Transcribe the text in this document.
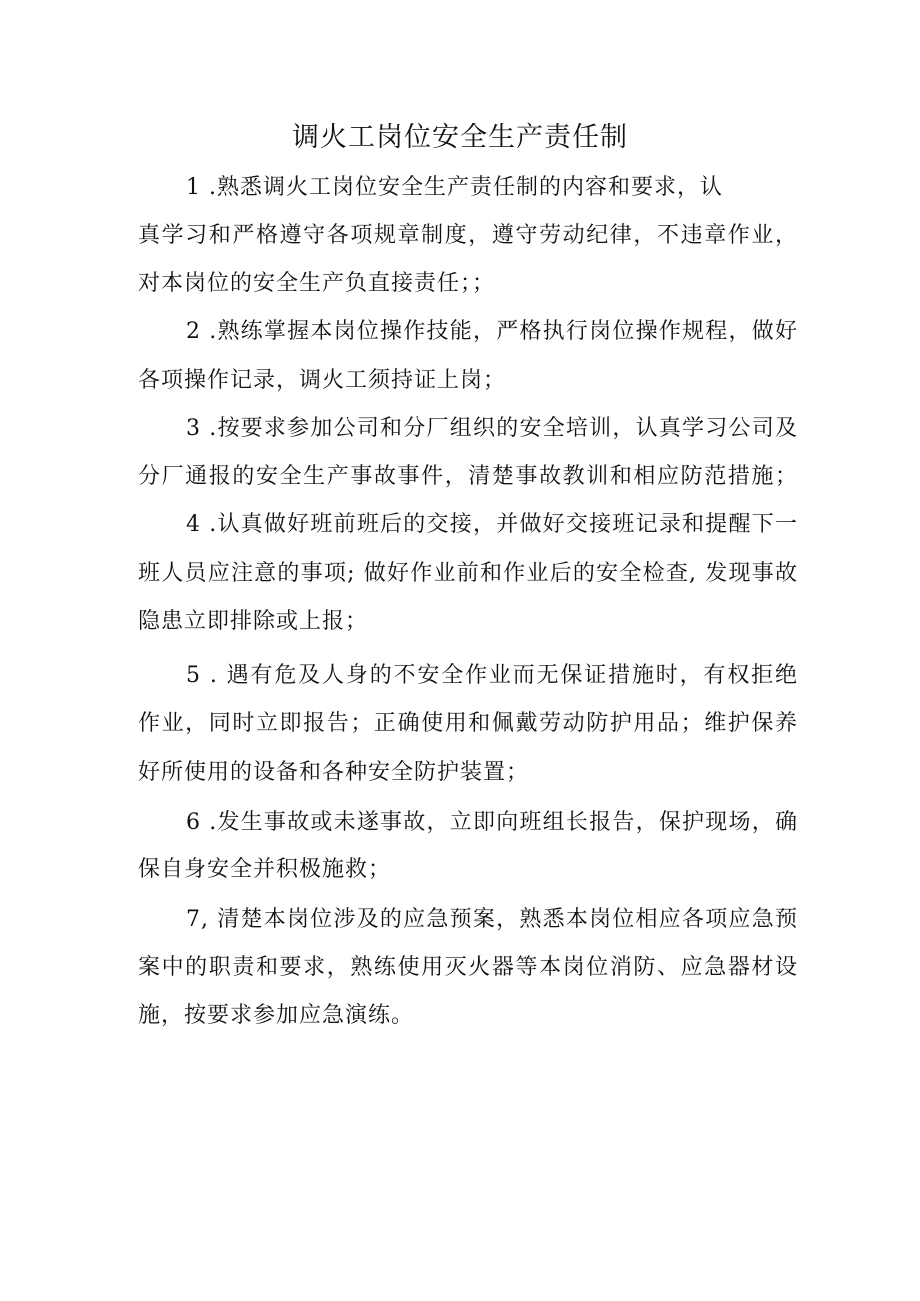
调火工岗位安全生产责任制
1 .熟悉调火工岗位安全生产责任制的内容和要求，认
真学习和严格遵守各项规章制度，遵守劳动纪律，不违章作业，
对本岗位的安全生产负直接责任；；
2 .熟练掌握本岗位操作技能，严格执行岗位操作规程，做好
各项操作记录，调火工须持证上岗；
3 .按要求参加公司和分厂组织的安全培训，认真学习公司及
分厂通报的安全生产事故事件，清楚事故教训和相应防范措施；
4 .认真做好班前班后的交接，并做好交接班记录和提醒下一
班人员应注意的事项; 做好作业前和作业后的安全检查, 发现事故
隐患立即排除或上报；
5 . 遇有危及人身的不安全作业而无保证措施时，有权拒绝
作业，同时立即报告；正确使用和佩戴劳动防护用品；维护保养
好所使用的设备和各种安全防护装置；
6 .发生事故或未遂事故，立即向班组长报告，保护现场，确
保自身安全并积极施救；
7, 清楚本岗位涉及的应急预案，熟悉本岗位相应各项应急预
案中的职责和要求，熟练使用灭火器等本岗位消防、应急器材设
施，按要求参加应急演练。
